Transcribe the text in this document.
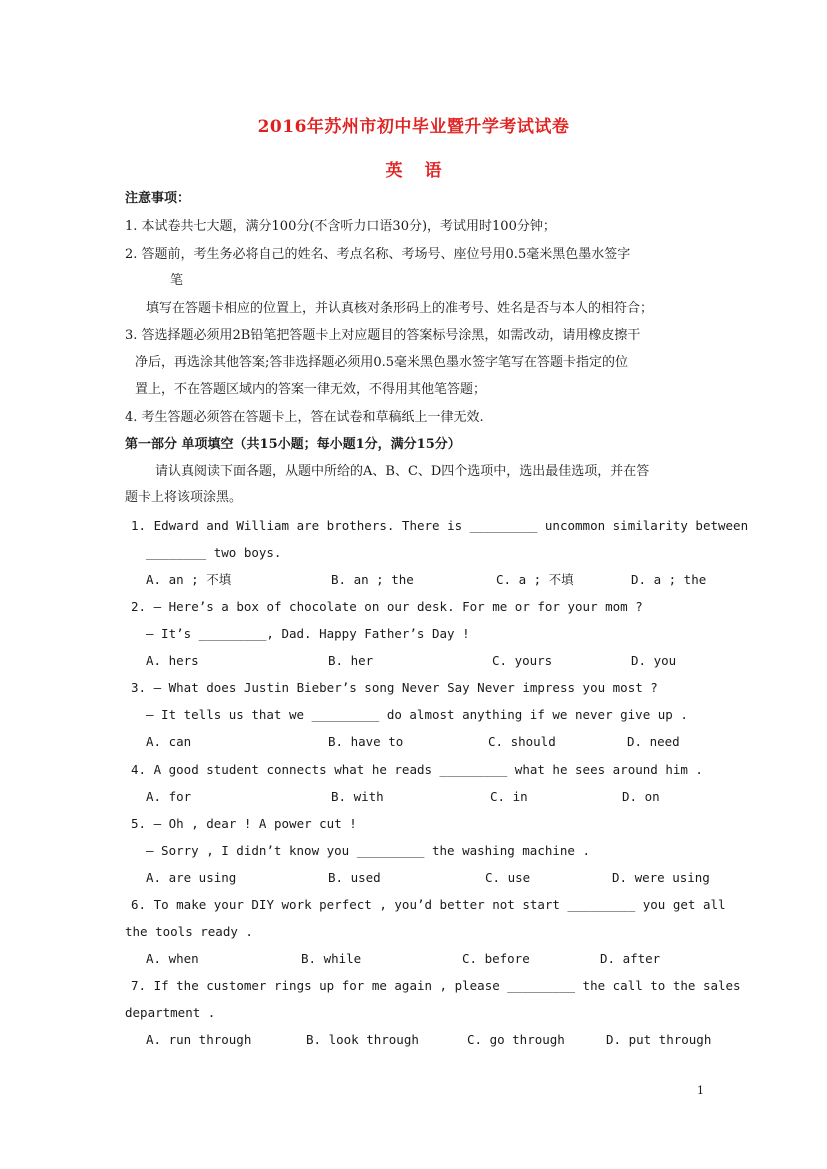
2016年苏州市初中毕业暨升学考试试卷
英语
注意事项：
1. 本试卷共七大题，满分100分(不含听力口语30分)，考试用时100分钟；
2. 答题前，考生务必将自己的姓名、考点名称、考场号、座位号用0.5毫米黑色墨水签字
笔
填写在答题卡相应的位置上，并认真核对条形码上的准考号、姓名是否与本人的相符合；
3. 答选择题必须用2B铅笔把答题卡上对应题目的答案标号涂黑，如需改动，请用橡皮擦干
净后，再选涂其他答案;答非选择题必须用0.5毫米黑色墨水签字笔写在答题卡指定的位
置上，不在答题区域内的答案一律无效，不得用其他笔答题；
4. 考生答题必须答在答题卡上，答在试卷和草稿纸上一律无效.
第一部分 单项填空（共15小题；每小题1分，满分15分）
请认真阅读下面各题，从题中所给的A、B、C、D四个选项中，选出最佳选项，并在答
题卡上将该项涂黑。
1. Edward and William are brothers. There is _________ uncommon similarity between
________ two boys.
A. an ; 不填	B. an ; the	C. a ; 不填	D. a ; the
2. — Here’s a box of chocolate on our desk. For me or for your mom ?
— It’s _________, Dad. Happy Father’s Day !
A. hers	B. her	C. yours	D. you
3. — What does Justin Bieber’s song Never Say Never impress you most ?
— It tells us that we _________ do almost anything if we never give up .
A. can	B. have to	C. should	D. need
4. A good student connects what he reads _________ what he sees around him .
A. for	B. with	C. in	D. on
5. — Oh , dear ! A power cut !
— Sorry , I didn’t know you _________ the washing machine .
A. are using	B. used	C. use	D. were using
6. To make your DIY work perfect , you’d better not start _________ you get all
the tools ready .
A. when	B. while	C. before	D. after
7. If the customer rings up for me again , please _________ the call to the sales
department .
A. run through	B. look through	C. go through	D. put through
1
